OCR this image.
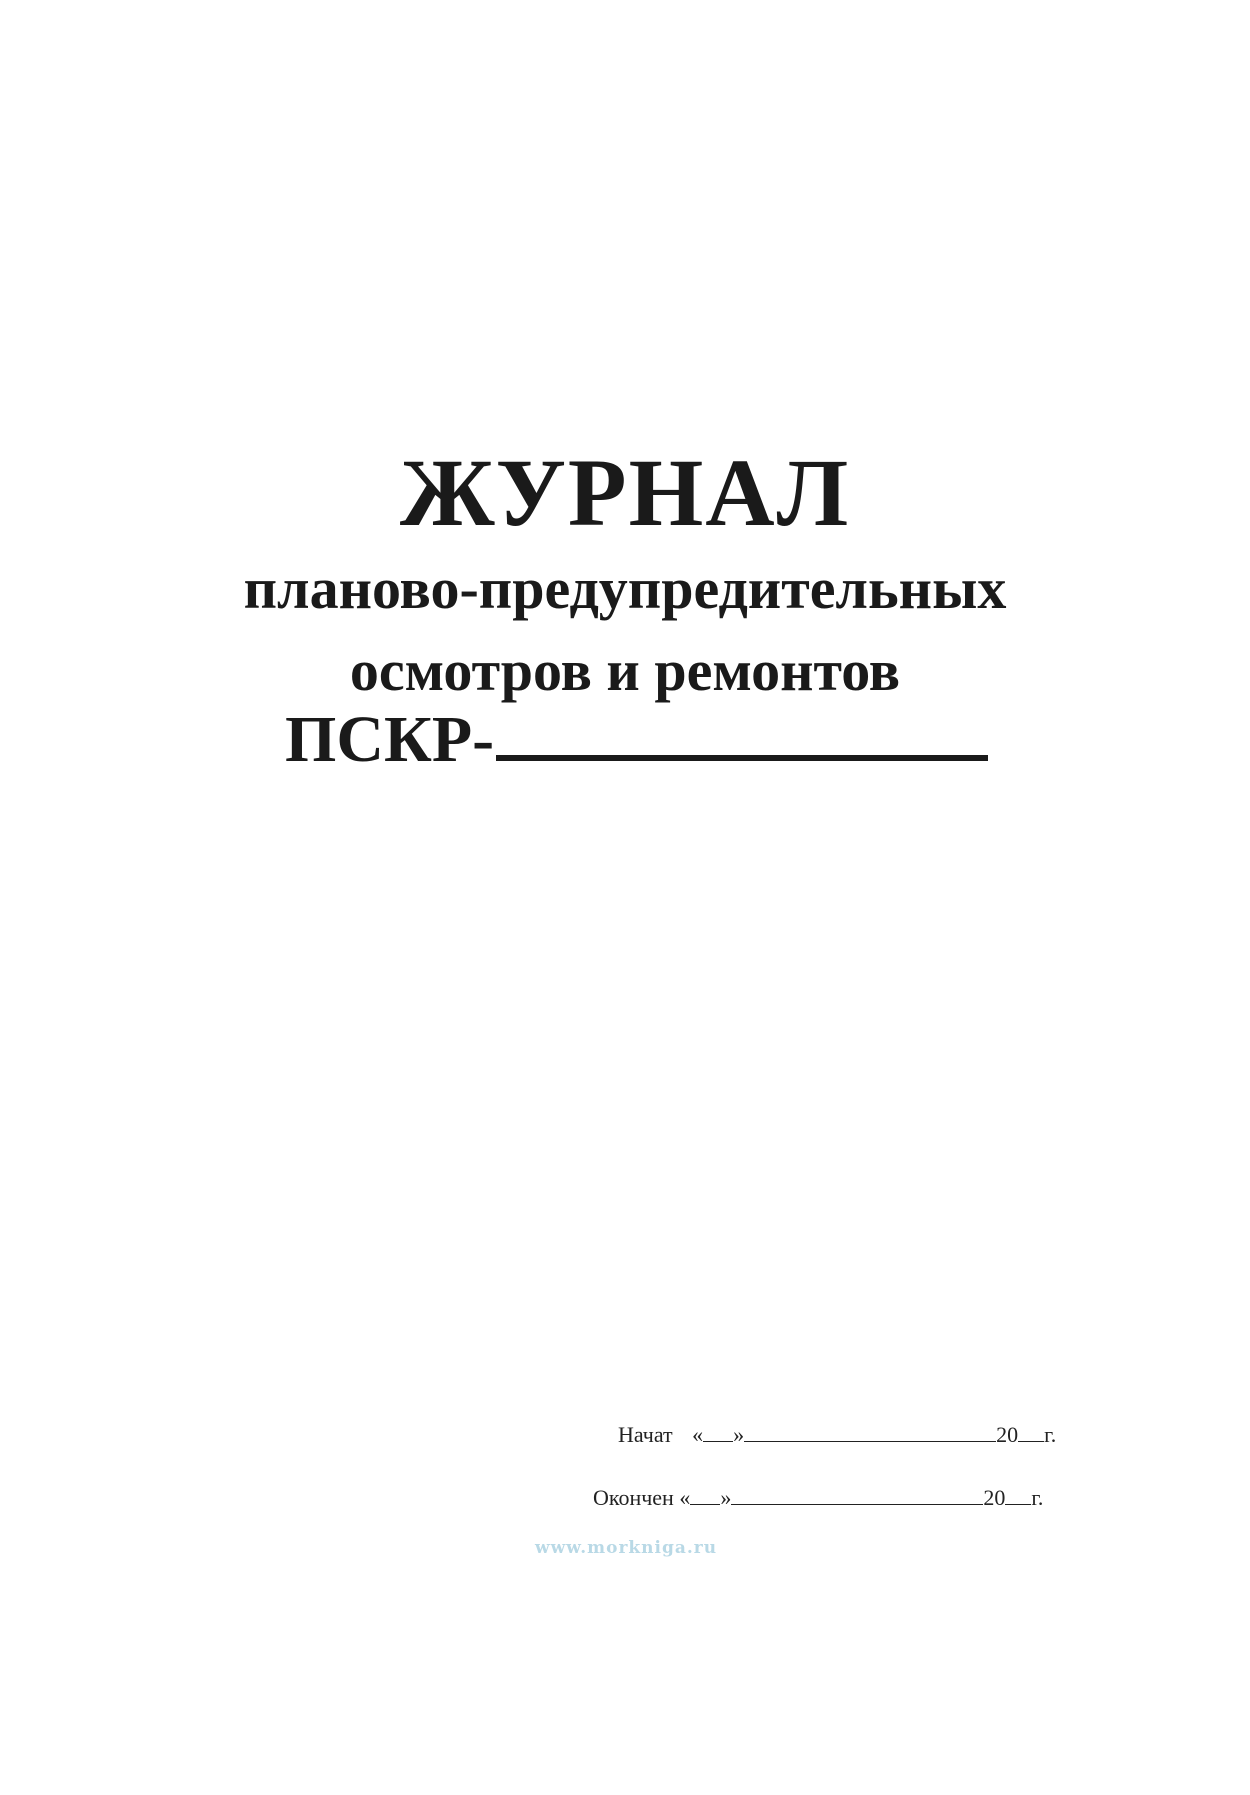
ЖУРНАЛ

планово-предупредительных

осмотров и ремонтов

ПСКР-
Начат « »	20 г.
Окончен « »	20 г.
www.morkniga.ru
